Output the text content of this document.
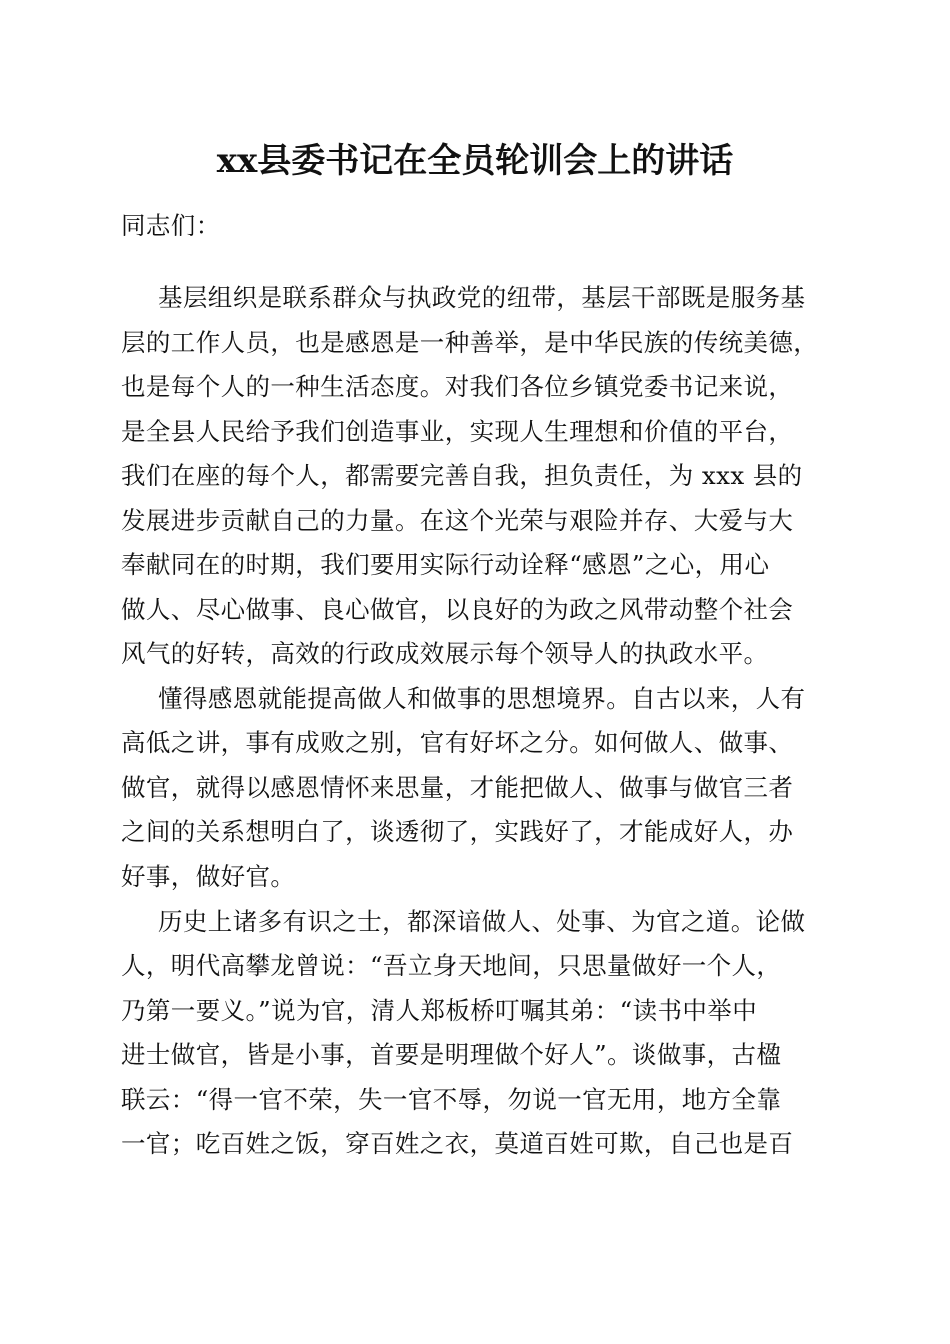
xx县委书记在全员轮训会上的讲话
同志们：
基层组织是联系群众与执政党的纽带，基层干部既是服务基
层的工作人员，也是感恩是一种善举，是中华民族的传统美德，
也是每个人的一种生活态度。对我们各位乡镇党委书记来说，
是全县人民给予我们创造事业，实现人生理想和价值的平台，
我们在座的每个人，都需要完善自我，担负责任，为 xxx 县的
发展进步贡献自己的力量。在这个光荣与艰险并存、大爱与大
奉献同在的时期，我们要用实际行动诠释“感恩”之心，用心
做人、尽心做事、良心做官，以良好的为政之风带动整个社会
风气的好转，高效的行政成效展示每个领导人的执政水平。
懂得感恩就能提高做人和做事的思想境界。自古以来，人有
高低之讲，事有成败之别，官有好坏之分。如何做人、做事、
做官，就得以感恩情怀来思量，才能把做人、做事与做官三者
之间的关系想明白了，谈透彻了，实践好了，才能成好人，办
好事，做好官。
历史上诸多有识之士，都深谙做人、处事、为官之道。论做
人，明代高攀龙曾说：“吾立身天地间，只思量做好一个人，
乃第一要义。”说为官，清人郑板桥叮嘱其弟：“读书中举中
进士做官，皆是小事，首要是明理做个好人”。谈做事，古楹
联云：“得一官不荣，失一官不辱，勿说一官无用，地方全靠
一官；吃百姓之饭，穿百姓之衣，莫道百姓可欺，自己也是百
